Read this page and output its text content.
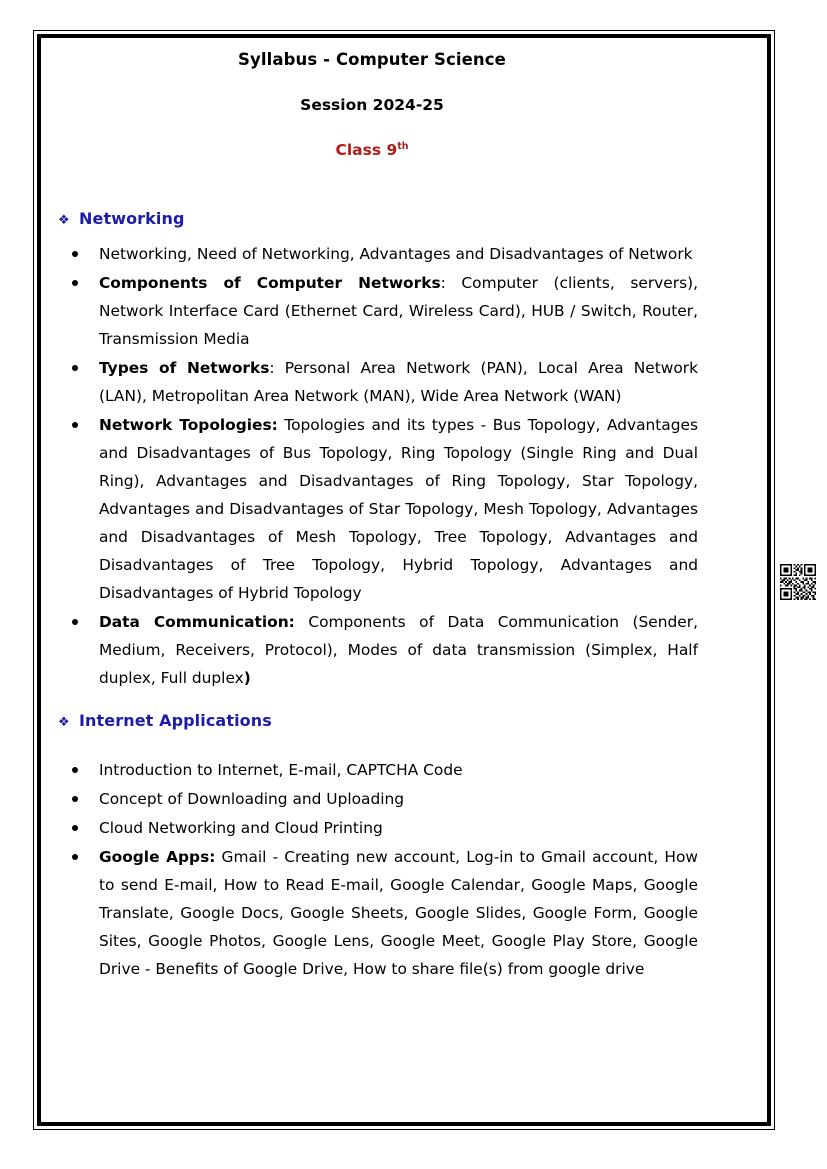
Syllabus - Computer Science
Session 2024-25
Class 9th
❖ Networking
Networking, Need of Networking, Advantages and Disadvantages of Network
Components of Computer Networks: Computer (clients, servers), Network Interface Card (Ethernet Card, Wireless Card), HUB / Switch, Router, Transmission Media
Types of Networks: Personal Area Network (PAN), Local Area Network (LAN), Metropolitan Area Network (MAN), Wide Area Network (WAN)
Network Topologies: Topologies and its types - Bus Topology, Advantages and Disadvantages of Bus Topology, Ring Topology (Single Ring and Dual Ring), Advantages and Disadvantages of Ring Topology, Star Topology, Advantages and Disadvantages of Star Topology, Mesh Topology, Advantages and Disadvantages of Mesh Topology, Tree Topology, Advantages and Disadvantages of Tree Topology, Hybrid Topology, Advantages and Disadvantages of Hybrid Topology
Data Communication: Components of Data Communication (Sender, Medium, Receivers, Protocol), Modes of data transmission (Simplex, Half duplex, Full duplex)
❖ Internet Applications
Introduction to Internet, E-mail, CAPTCHA Code
Concept of Downloading and Uploading
Cloud Networking and Cloud Printing
Google Apps: Gmail - Creating new account, Log-in to Gmail account, How to send E-mail, How to Read E-mail, Google Calendar, Google Maps, Google Translate, Google Docs, Google Sheets, Google Slides, Google Form, Google Sites, Google Photos, Google Lens, Google Meet, Google Play Store, Google Drive - Benefits of Google Drive, How to share file(s) from google drive
